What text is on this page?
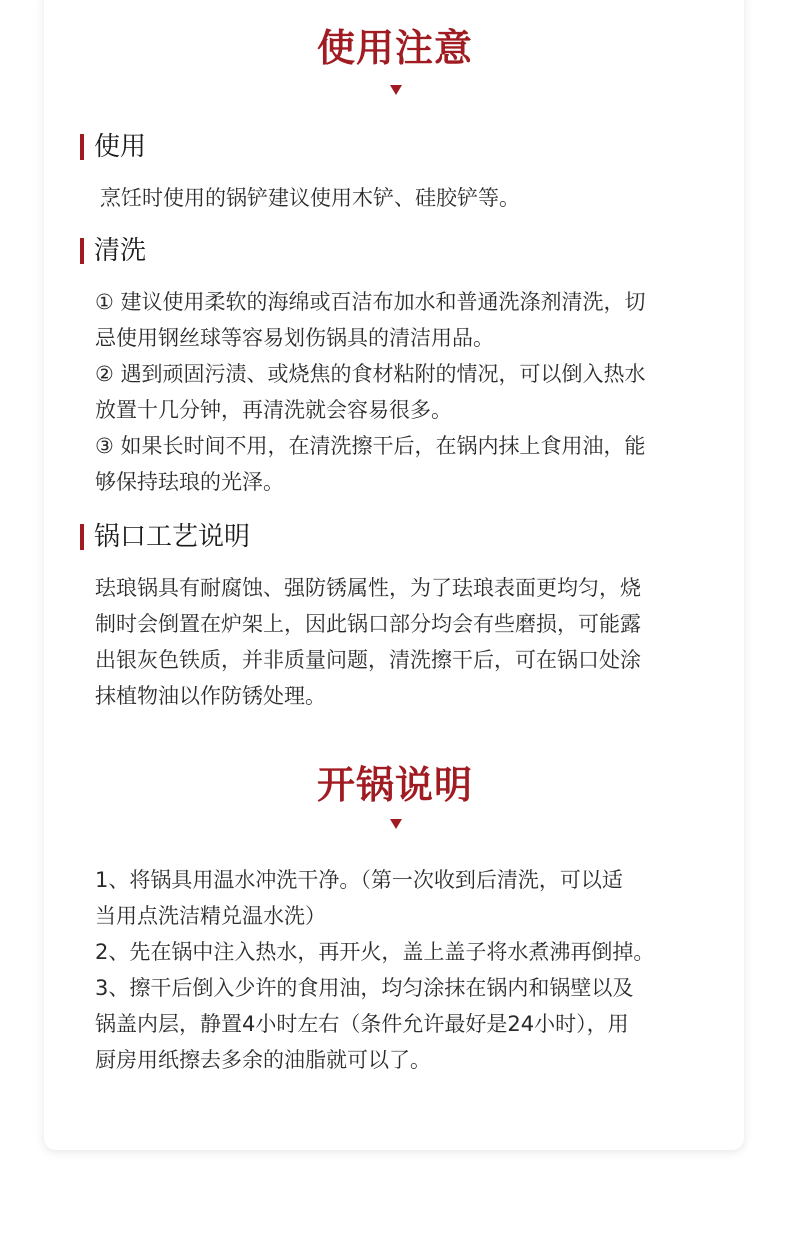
使用注意
使用
烹饪时使用的锅铲建议使用木铲、硅胶铲等。
清洗
① 建议使用柔软的海绵或百洁布加水和普通洗涤剂清洗，切
忌使用钢丝球等容易划伤锅具的清洁用品。
② 遇到顽固污渍、或烧焦的食材粘附的情况，可以倒入热水
放置十几分钟，再清洗就会容易很多。
③ 如果长时间不用，在清洗擦干后，在锅内抹上食用油，能
够保持珐琅的光泽。
锅口工艺说明
珐琅锅具有耐腐蚀、强防锈属性，为了珐琅表面更均匀，烧
制时会倒置在炉架上，因此锅口部分均会有些磨损，可能露
出银灰色铁质，并非质量问题，清洗擦干后，可在锅口处涂
抹植物油以作防锈处理。
开锅说明
1、将锅具用温水冲洗干净。（第一次收到后清洗，可以适
当用点洗洁精兑温水洗）
2、先在锅中注入热水，再开火，盖上盖子将水煮沸再倒掉。
3、擦干后倒入少许的食用油，均匀涂抹在锅内和锅壁以及
锅盖内层，静置4小时左右（条件允许最好是24小时），用
厨房用纸擦去多余的油脂就可以了。
